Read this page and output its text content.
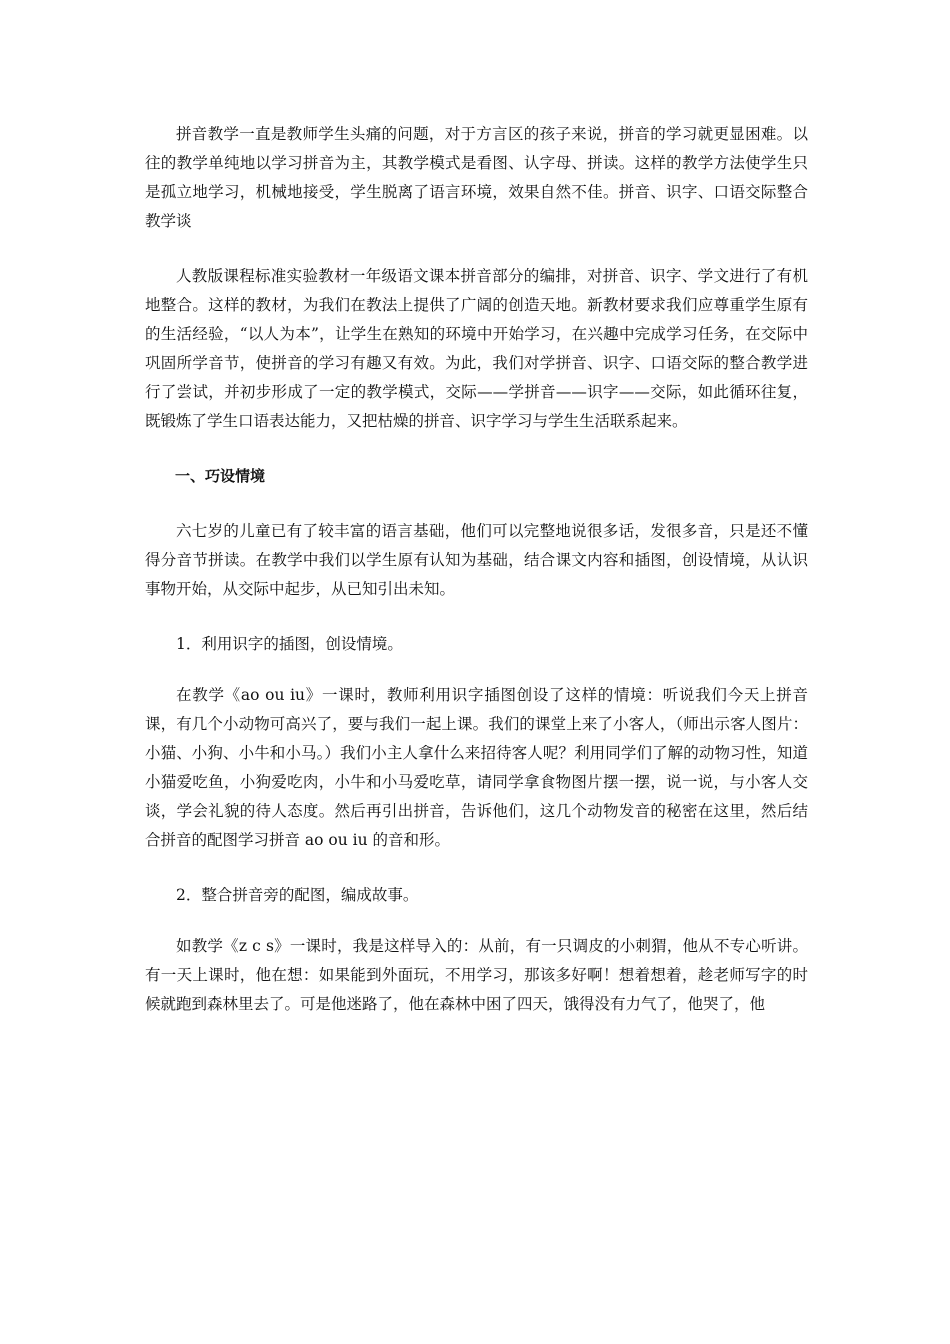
拼音教学一直是教师学生头痛的问题，对于方言区的孩子来说，拼音的学习就更显困难。以往的教学单纯地以学习拼音为主，其教学模式是看图、认字母、拼读。这样的教学方法使学生只是孤立地学习，机械地接受，学生脱离了语言环境，效果自然不佳。拼音、识字、口语交际整合教学谈

人教版课程标准实验教材一年级语文课本拼音部分的编排，对拼音、识字、学文进行了有机地整合。这样的教材，为我们在教法上提供了广阔的创造天地。新教材要求我们应尊重学生原有的生活经验，“以人为本”，让学生在熟知的环境中开始学习，在兴趣中完成学习任务，在交际中巩固所学音节，使拼音的学习有趣又有效。为此，我们对学拼音、识字、口语交际的整合教学进行了尝试，并初步形成了一定的教学模式，交际——学拼音——识字——交际，如此循环往复，既锻炼了学生口语表达能力，又把枯燥的拼音、识字学习与学生生活联系起来。

一、巧设情境

六七岁的儿童已有了较丰富的语言基础，他们可以完整地说很多话，发很多音，只是还不懂得分音节拼读。在教学中我们以学生原有认知为基础，结合课文内容和插图，创设情境，从认识事物开始，从交际中起步，从已知引出未知。

1．利用识字的插图，创设情境。

在教学《ao ou iu》一课时，教师利用识字插图创设了这样的情境：听说我们今天上拼音课，有几个小动物可高兴了，要与我们一起上课。我们的课堂上来了小客人，（师出示客人图片：小猫、小狗、小牛和小马。）我们小主人拿什么来招待客人呢？利用同学们了解的动物习性，知道小猫爱吃鱼，小狗爱吃肉，小牛和小马爱吃草，请同学拿食物图片摆一摆，说一说，与小客人交谈，学会礼貌的待人态度。然后再引出拼音，告诉他们，这几个动物发音的秘密在这里，然后结合拼音的配图学习拼音 ao ou iu 的音和形。

2．整合拼音旁的配图，编成故事。

如教学《z c s》一课时，我是这样导入的：从前，有一只调皮的小刺猬，他从不专心听讲。有一天上课时，他在想：如果能到外面玩，不用学习，那该多好啊！想着想着，趁老师写字的时候就跑到森林里去了。可是他迷路了，他在森林中困了四天，饿得没有力气了，他哭了，他
